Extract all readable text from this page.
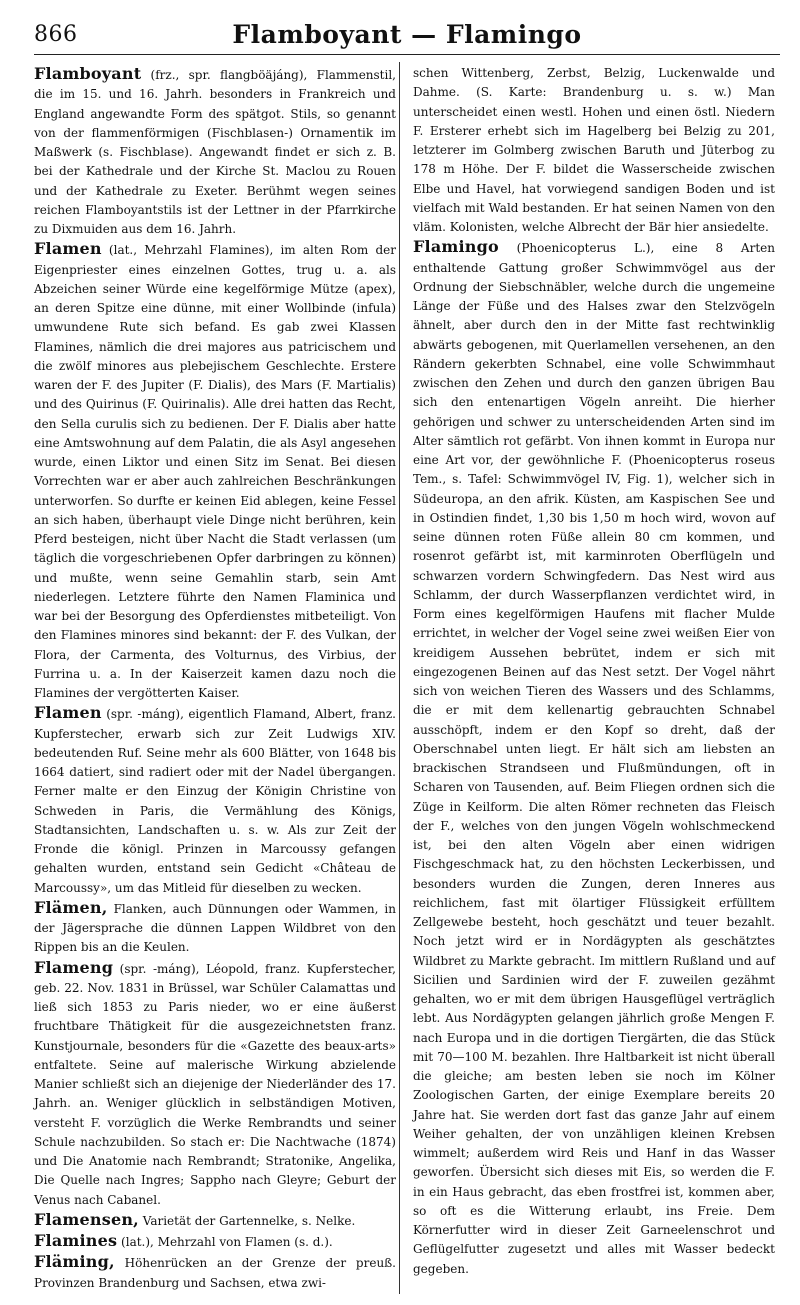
866	Flamboyant — Flamingo

Flamboyant (frz., spr. flangböäjáng), Flammenstil, die im 15. und 16. Jahrh. besonders in Frankreich und England angewandte Form des spätgot. Stils, so genannt von der flammenförmigen (Fischblasen-) Ornamentik im Maßwerk (s. Fischblase). Angewandt findet er sich z. B. bei der Kathedrale und der Kirche St. Maclou zu Rouen und der Kathedrale zu Exeter. Berühmt wegen seines reichen Flamboyantstils ist der Lettner in der Pfarrkirche zu Dixmuiden aus dem 16. Jahrh.

Flamen (lat., Mehrzahl Flamines), im alten Rom der Eigenpriester eines einzelnen Gottes, trug u. a. als Abzeichen seiner Würde eine kegelförmige Mütze (apex), an deren Spitze eine dünne, mit einer Wollbinde (infula) umwundene Rute sich befand. Es gab zwei Klassen Flamines, nämlich die drei majores aus patricischem und die zwölf minores aus plebejischem Geschlechte. Erstere waren der F. des Jupiter (F. Dialis), des Mars (F. Martialis) und des Quirinus (F. Quirinalis). Alle drei hatten das Recht, den Sella curulis sich zu bedienen. Der F. Dialis aber hatte eine Amtswohnung auf dem Palatin, die als Asyl angesehen wurde, einen Liktor und einen Sitz im Senat. Bei diesen Vorrechten war er aber auch zahlreichen Beschränkungen unterworfen. So durfte er keinen Eid ablegen, keine Fessel an sich haben, überhaupt viele Dinge nicht berühren, kein Pferd besteigen, nicht über Nacht die Stadt verlassen (um täglich die vorgeschriebenen Opfer darbringen zu können) und mußte, wenn seine Gemahlin starb, sein Amt niederlegen. Letztere führte den Namen Flaminica und war bei der Besorgung des Opferdienstes mitbeteiligt. Von den Flamines minores sind bekannt: der F. des Vulkan, der Flora, der Carmenta, des Volturnus, des Virbius, der Furrina u. a. In der Kaiserzeit kamen dazu noch die Flamines der vergötterten Kaiser.

Flamen (spr. -máng), eigentlich Flamand, Albert, franz. Kupferstecher, erwarb sich zur Zeit Ludwigs XIV. bedeutenden Ruf. Seine mehr als 600 Blätter, von 1648 bis 1664 datiert, sind radiert oder mit der Nadel übergangen. Ferner malte er den Einzug der Königin Christine von Schweden in Paris, die Vermählung des Königs, Stadtansichten, Landschaften u. s. w. Als zur Zeit der Fronde die königl. Prinzen in Marcoussy gefangen gehalten wurden, entstand sein Gedicht «Château de Marcoussy», um das Mitleid für dieselben zu wecken.

Flämen, Flanken, auch Dünnungen oder Wammen, in der Jägersprache die dünnen Lappen Wildbret von den Rippen bis an die Keulen.

Flameng (spr. -máng), Léopold, franz. Kupferstecher, geb. 22. Nov. 1831 in Brüssel, war Schüler Calamattas und ließ sich 1853 zu Paris nieder, wo er eine äußerst fruchtbare Thätigkeit für die ausgezeichnetsten franz. Kunstjournale, besonders für die «Gazette des beaux-arts» entfaltete. Seine auf malerische Wirkung abzielende Manier schließt sich an diejenige der Niederländer des 17. Jahrh. an. Weniger glücklich in selbständigen Motiven, versteht F. vorzüglich die Werke Rembrandts und seiner Schule nachzubilden. So stach er: Die Nachtwache (1874) und Die Anatomie nach Rembrandt; Stratonike, Angelika, Die Quelle nach Ingres; Sappho nach Gleyre; Geburt der Venus nach Cabanel.

Flamensen, Varietät der Gartennelke, s. Nelke.

Flamines (lat.), Mehrzahl von Flamen (s. d.).

Fläming, Höhenrücken an der Grenze der preuß. Provinzen Brandenburg und Sachsen, etwa zwi-

schen Wittenberg, Zerbst, Belzig, Luckenwalde und Dahme. (S. Karte: Brandenburg u. s. w.) Man unterscheidet einen westl. Hohen und einen östl. Niedern F. Ersterer erhebt sich im Hagelberg bei Belzig zu 201, letzterer im Golmberg zwischen Baruth und Jüterbog zu 178 m Höhe. Der F. bildet die Wasserscheide zwischen Elbe und Havel, hat vorwiegend sandigen Boden und ist vielfach mit Wald bestanden. Er hat seinen Namen von den vläm. Kolonisten, welche Albrecht der Bär hier ansiedelte.

Flamingo (Phoenicopterus L.), eine 8 Arten enthaltende Gattung großer Schwimmvögel aus der Ordnung der Siebschnäbler, welche durch die ungemeine Länge der Füße und des Halses zwar den Stelzvögeln ähnelt, aber durch den in der Mitte fast rechtwinklig abwärts gebogenen, mit Querlamellen versehenen, an den Rändern gekerbten Schnabel, eine volle Schwimmhaut zwischen den Zehen und durch den ganzen übrigen Bau sich den entenartigen Vögeln anreiht. Die hierher gehörigen und schwer zu unterscheidenden Arten sind im Alter sämtlich rot gefärbt. Von ihnen kommt in Europa nur eine Art vor, der gewöhnliche F. (Phoenicopterus roseus Tem., s. Tafel: Schwimmvögel IV, Fig. 1), welcher sich in Südeuropa, an den afrik. Küsten, am Kaspischen See und in Ostindien findet, 1,30 bis 1,50 m hoch wird, wovon auf seine dünnen roten Füße allein 80 cm kommen, und rosenrot gefärbt ist, mit karminroten Oberflügeln und schwarzen vordern Schwingfedern. Das Nest wird aus Schlamm, der durch Wasserpflanzen verdichtet wird, in Form eines kegelförmigen Haufens mit flacher Mulde errichtet, in welcher der Vogel seine zwei weißen Eier von kreidigem Aussehen bebrütet, indem er sich mit eingezogenen Beinen auf das Nest setzt. Der Vogel nährt sich von weichen Tieren des Wassers und des Schlamms, die er mit dem kellenartig gebrauchten Schnabel ausschöpft, indem er den Kopf so dreht, daß der Oberschnabel unten liegt. Er hält sich am liebsten an brackischen Strandseen und Flußmündungen, oft in Scharen von Tausenden, auf. Beim Fliegen ordnen sich die Züge in Keilform. Die alten Römer rechneten das Fleisch der F., welches von den jungen Vögeln wohlschmeckend ist, bei den alten Vögeln aber einen widrigen Fischgeschmack hat, zu den höchsten Leckerbissen, und besonders wurden die Zungen, deren Inneres aus reichlichem, fast mit ölartiger Flüssigkeit erfülltem Zellgewebe besteht, hoch geschätzt und teuer bezahlt. Noch jetzt wird er in Nordägypten als geschätztes Wildbret zu Markte gebracht. Im mittlern Rußland und auf Sicilien und Sardinien wird der F. zuweilen gezähmt gehalten, wo er mit dem übrigen Hausgeflügel verträglich lebt. Aus Nordägypten gelangen jährlich große Mengen F. nach Europa und in die dortigen Tiergärten, die das Stück mit 70—100 M. bezahlen. Ihre Haltbarkeit ist nicht überall die gleiche; am besten leben sie noch im Kölner Zoologischen Garten, der einige Exemplare bereits 20 Jahre hat. Sie werden dort fast das ganze Jahr auf einem Weiher gehalten, der von unzähligen kleinen Krebsen wimmelt; außerdem wird Reis und Hanf in das Wasser geworfen. Übersicht sich dieses mit Eis, so werden die F. in ein Haus gebracht, das eben frostfrei ist, kommen aber, so oft es die Witterung erlaubt, ins Freie. Dem Körnerfutter wird in dieser Zeit Garneelenschrot und Geflügelfutter zugesetzt und alles mit Wasser bedeckt gegeben.
